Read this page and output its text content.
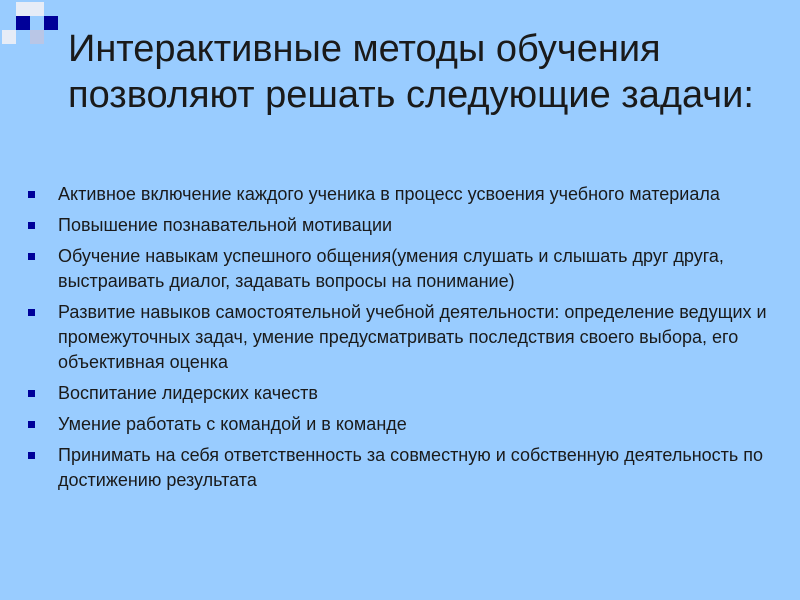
Интерактивные методы обучения позволяют решать следующие задачи:
Активное включение каждого ученика в процесс усвоения учебного материала
Повышение познавательной мотивации
Обучение навыкам успешного общения(умения слушать и слышать друг друга, выстраивать диалог, задавать вопросы на понимание)
Развитие навыков самостоятельной учебной деятельности: определение ведущих и промежуточных задач, умение предусматривать последствия своего выбора, его объективная оценка
Воспитание лидерских качеств
Умение работать с командой и в команде
Принимать на себя ответственность за совместную и собственную деятельность по достижению результата
